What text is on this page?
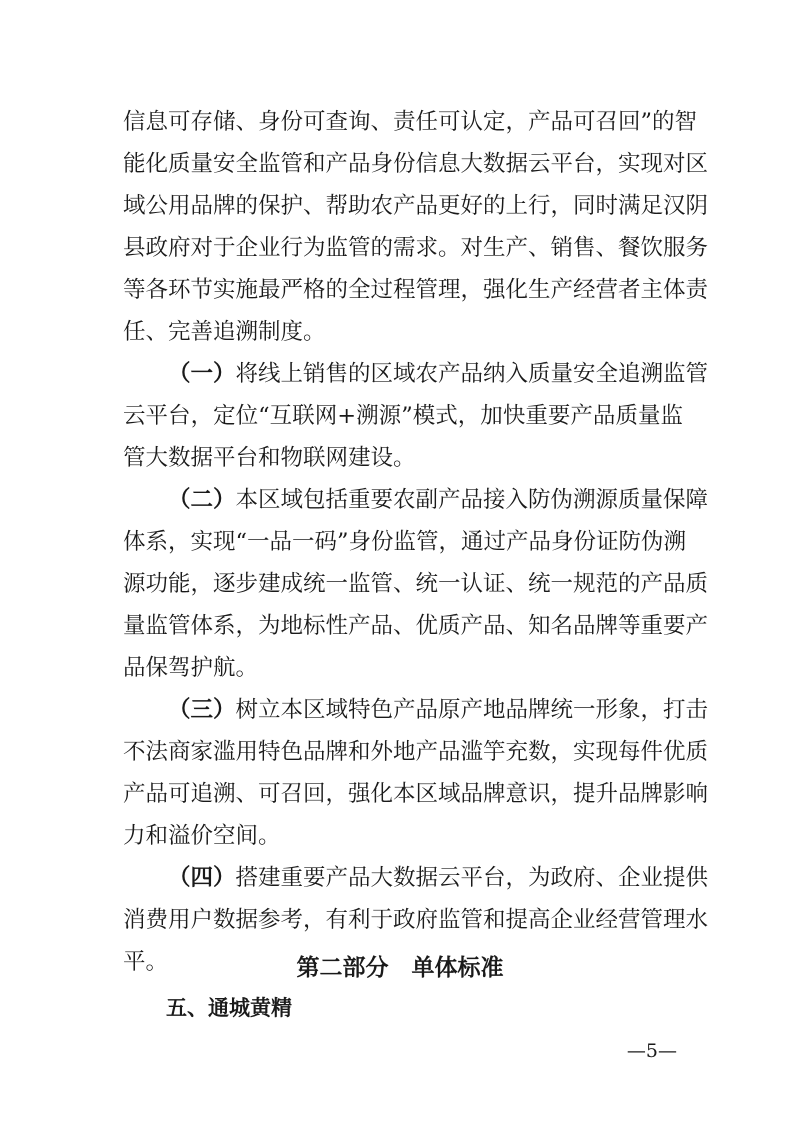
信息可存储、身份可查询、责任可认定，产品可召回”的智
能化质量安全监管和产品身份信息大数据云平台，实现对区
域公用品牌的保护、帮助农产品更好的上行，同时满足汉阴
县政府对于企业行为监管的需求。对生产、销售、餐饮服务
等各环节实施最严格的全过程管理，强化生产经营者主体责
任、完善追溯制度。
（一）将线上销售的区域农产品纳入质量安全追溯监管
云平台，定位“互联网+溯源”模式，加快重要产品质量监
管大数据平台和物联网建设。
（二）本区域包括重要农副产品接入防伪溯源质量保障
体系，实现“一品一码”身份监管，通过产品身份证防伪溯
源功能，逐步建成统一监管、统一认证、统一规范的产品质
量监管体系，为地标性产品、优质产品、知名品牌等重要产
品保驾护航。
（三）树立本区域特色产品原产地品牌统一形象，打击
不法商家滥用特色品牌和外地产品滥竽充数，实现每件优质
产品可追溯、可召回，强化本区域品牌意识，提升品牌影响
力和溢价空间。
（四）搭建重要产品大数据云平台，为政府、企业提供
消费用户数据参考，有利于政府监管和提高企业经营管理水
平。	第二部分　单体标准
五、通城黄精
—5—
